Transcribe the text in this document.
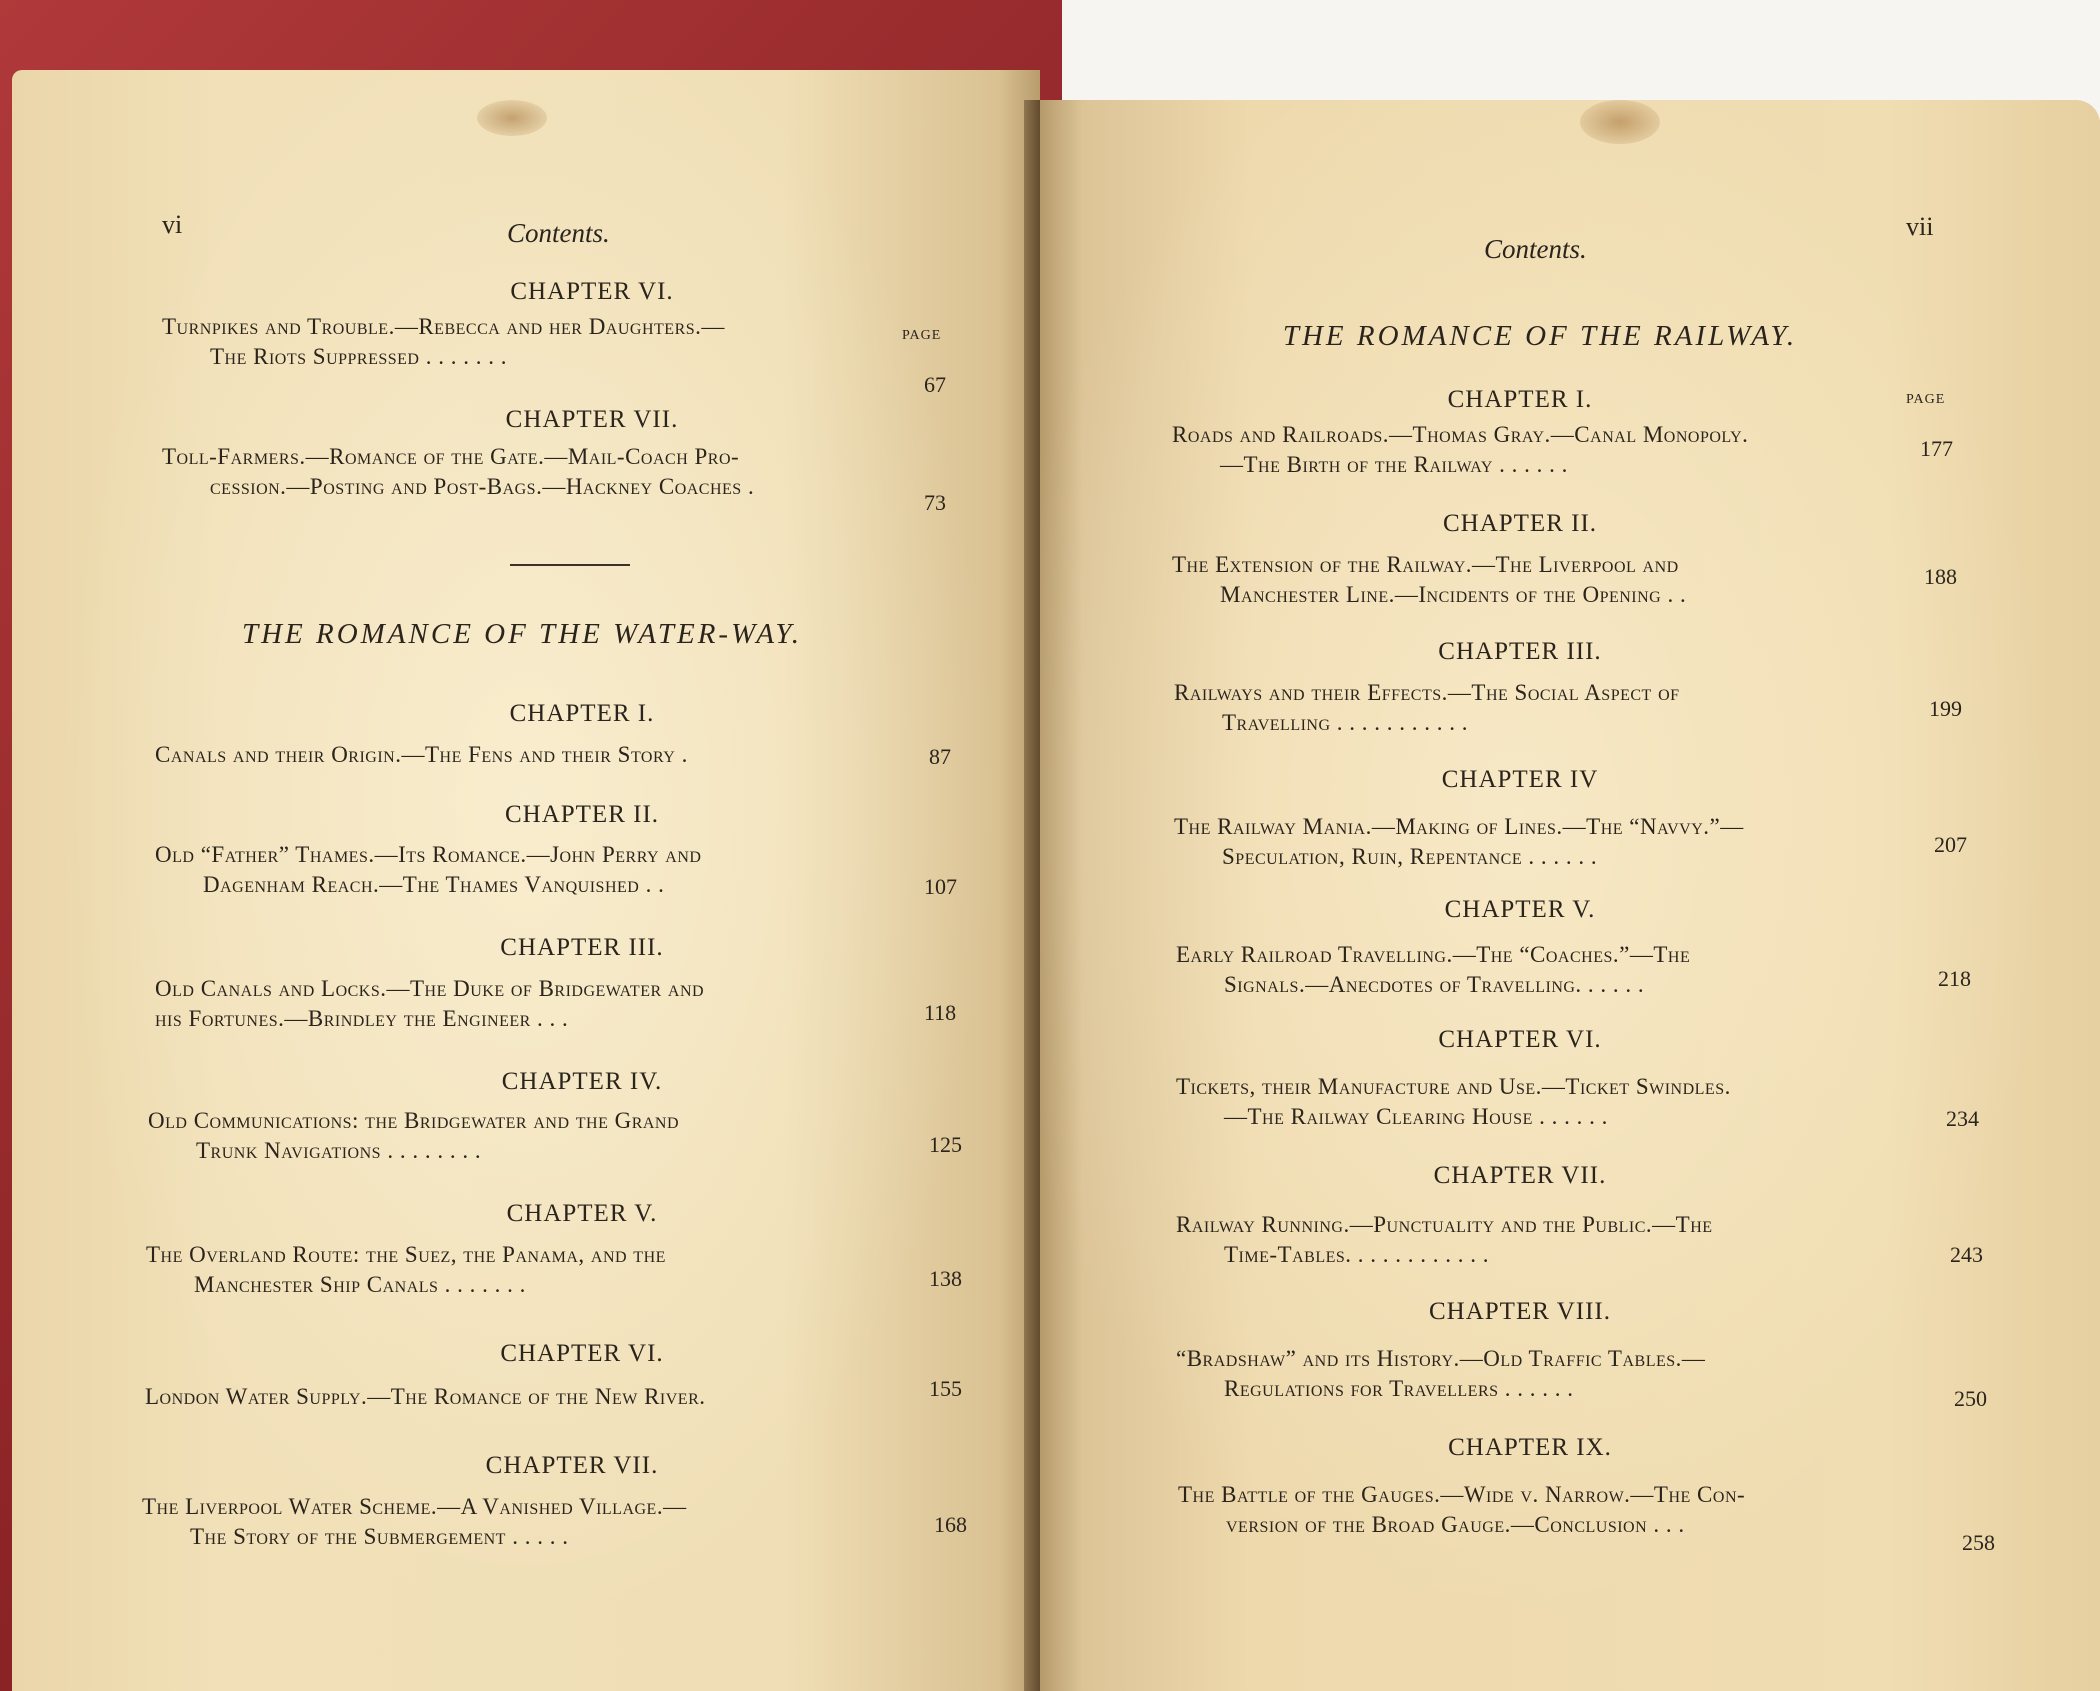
vi	Contents.
CHAPTER VI.
PAGE
Turnpikes and Trouble.—Rebecca and her Daughters.—
The Riots Suppressed . . . . . . .
67
CHAPTER VII.
Toll-Farmers.—Romance of the Gate.—Mail-Coach Pro-
cession.—Posting and Post-Bags.—Hackney Coaches .
73
THE ROMANCE OF THE WATER-WAY.
CHAPTER I.
Canals and their Origin.—The Fens and their Story .	87
CHAPTER II.
Old “Father” Thames.—Its Romance.—John Perry and
Dagenham Reach.—The Thames Vanquished . .	107
CHAPTER III.
Old Canals and Locks.—The Duke of Bridgewater and
his Fortunes.—Brindley the Engineer . . .	118
CHAPTER IV.
Old Communications: the Bridgewater and the Grand
Trunk Navigations . . . . . . . .	125
CHAPTER V.
The Overland Route: the Suez, the Panama, and the
Manchester Ship Canals . . . . . . .	138
CHAPTER VI.
London Water Supply.—The Romance of the New River.	155
CHAPTER VII.
The Liverpool Water Scheme.—A Vanished Village.—
The Story of the Submergement . . . . .	168
Contents.
vii
THE ROMANCE OF THE RAILWAY.
CHAPTER I.	PAGE
Roads and Railroads.—Thomas Gray.—Canal Monopoly.
—The Birth of the Railway . . . . . .
177
CHAPTER II.
The Extension of the Railway.—The Liverpool and
Manchester Line.—Incidents of the Opening . .
188
CHAPTER III.
Railways and their Effects.—The Social Aspect of
Travelling . . . . . . . . . . .
199
CHAPTER IV
The Railway Mania.—Making of Lines.—The “Navvy.”—
Speculation, Ruin, Repentance . . . . . .	207
CHAPTER V.
Early Railroad Travelling.—The “Coaches.”—The
Signals.—Anecdotes of Travelling. . . . . .	218
CHAPTER VI.
Tickets, their Manufacture and Use.—Ticket Swindles.
—The Railway Clearing House . . . . . .	234
CHAPTER VII.
Railway Running.—Punctuality and the Public.—The
Time-Tables. . . . . . . . . . . .	243
CHAPTER VIII.
“Bradshaw” and its History.—Old Traffic Tables.—
Regulations for Travellers . . . . . .	250
CHAPTER IX.
The Battle of the Gauges.—Wide v. Narrow.—The Con-
version of the Broad Gauge.—Conclusion . . .
258
